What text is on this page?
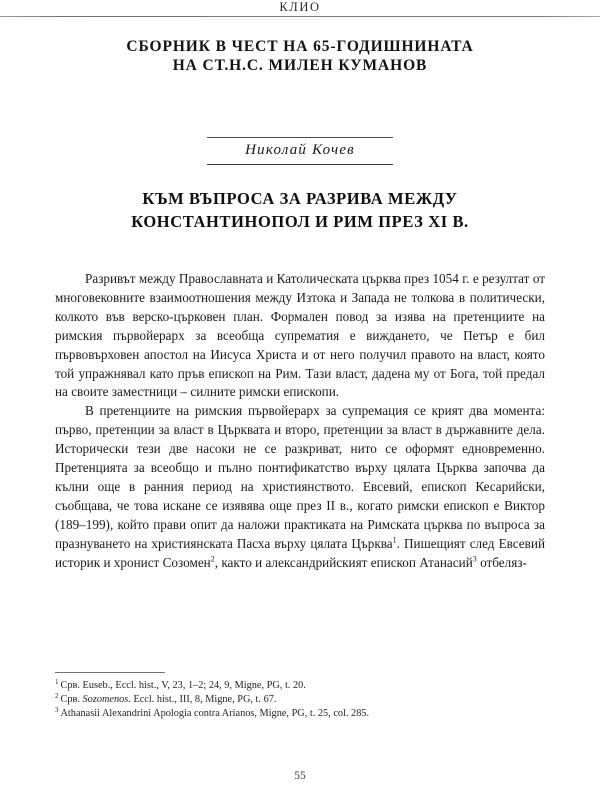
КЛИО
СБОРНИК В ЧЕСТ НА 65-ГОДИШНИНАТА
НА СТ.Н.С. МИЛЕН КУМАНОВ
Николай Кочев
КЪМ ВЪПРОСА ЗА РАЗРИВА МЕЖДУ
КОНСТАНТИНОПОЛ И РИМ ПРЕЗ XI В.

Разривът между Православната и Католическата църква през 1054 г. е резултат от многовековните взаимоотношения между Изтока и Запада не толкова в политически, колкото във верско-църковен план. Формален повод за изява на претенциите на римския първойерарх за всеобща супрематия е виждането, че Петър е бил първовърховен апостол на Иисуса Христа и от него получил правото на власт, която той упражнявал като пръв епископ на Рим. Тази власт, дадена му от Бога, той предал на своите заместници – силните римски епископи.

В претенциите на римския първойерарх за супремация се крият два момента: първо, претенции за власт в Църквата и второ, претенции за власт в държавните дела. Исторически тези две насоки не се разкриват, нито се оформят едновременно. Претенцията за всеобщо и пълно понтификатство върху цялата Църква започва да кълни още в ранния период на християнството. Евсевий, епископ Кесарийски, съобщава, че това искане се изявява още през II в., когато римски епископ е Виктор (189–199), който прави опит да наложи практиката на Римската църква по въпроса за празнуването на християнската Пасха върху цялата Църква$^1$. Пишещият след Евсевий историк и хронист Созомен$^2$, както и александрийският епископ Атанасий$^3$ отбеляз-

$^1$ Срв. Euseb., Eccl. hist., V, 23, 1–2; 24, 9, Migne, PG, t. 20.
$^2$ Срв. Sozomenos. Eccl. hist., III, 8, Migne, PG, t. 67.
$^3$ Athanasii Alexandrini Apologia contra Arianos, Migne, PG, t. 25, col. 285.
55
